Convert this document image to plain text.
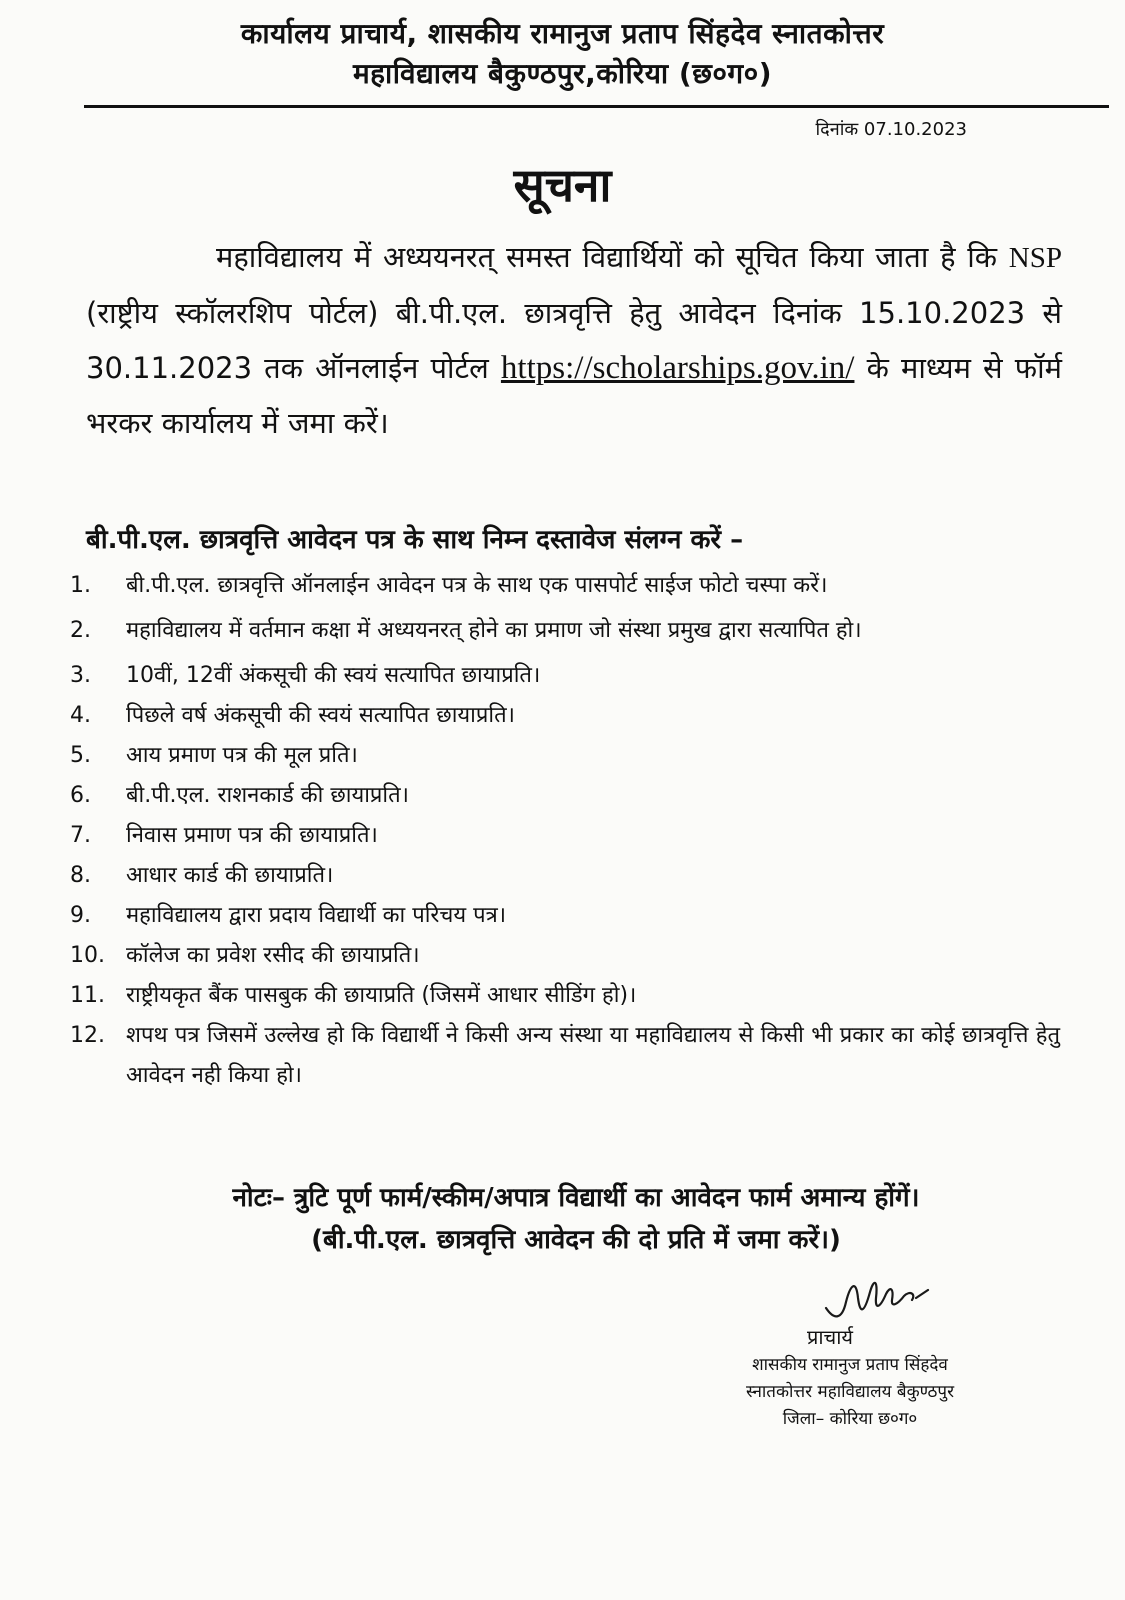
कार्यालय प्राचार्य, शासकीय रामानुज प्रताप सिंहदेव स्नातकोत्तर
महाविद्यालय बैकुण्ठपुर,कोरिया (छ०ग०)
दिनांक 07.10.2023
सूचना
महाविद्यालय में अध्ययनरत् समस्त विद्यार्थियों को सूचित किया जाता है कि NSP (राष्ट्रीय स्कॉलरशिप पोर्टल) बी.पी.एल. छात्रवृत्ति हेतु आवेदन दिनांक 15.10.2023 से 30.11.2023 तक ऑनलाईन पोर्टल https://scholarships.gov.in/ के माध्यम से फॉर्म भरकर कार्यालय में जमा करें।
बी.पी.एल. छात्रवृत्ति आवेदन पत्र के साथ निम्न दस्तावेज संलग्न करें –
1.	बी.पी.एल. छात्रवृत्ति ऑनलाईन आवेदन पत्र के साथ एक पासपोर्ट साईज फोटो चस्पा करें।
2.	महाविद्यालय में वर्तमान कक्षा में अध्ययनरत् होने का प्रमाण जो संस्था प्रमुख द्वारा सत्यापित हो।
3.	10वीं, 12वीं अंकसूची की स्वयं सत्यापित छायाप्रति।
4.	पिछले वर्ष अंकसूची की स्वयं सत्यापित छायाप्रति।
5.	आय प्रमाण पत्र की मूल प्रति।
6.	बी.पी.एल. राशनकार्ड की छायाप्रति।
7.	निवास प्रमाण पत्र की छायाप्रति।
8.	आधार कार्ड की छायाप्रति।
9.	महाविद्यालय द्वारा प्रदाय विद्यार्थी का परिचय पत्र।
10. कॉलेज का प्रवेश रसीद की छायाप्रति।
11. राष्ट्रीयकृत बैंक पासबुक की छायाप्रति (जिसमें आधार सीडिंग हो)।
12. शपथ पत्र जिसमें उल्लेख हो कि विद्यार्थी ने किसी अन्य संस्था या महाविद्यालय से किसी भी प्रकार का कोई छात्रवृत्ति हेतु आवेदन नही किया हो।
नोटः– त्रुटि पूर्ण फार्म/स्कीम/अपात्र विद्यार्थी का आवेदन फार्म अमान्य होंगें।
(बी.पी.एल. छात्रवृत्ति आवेदन की दो प्रति में जमा करें।)
प्राचार्य
शासकीय रामानुज प्रताप सिंहदेव
स्नातकोत्तर महाविद्यालय बैकुण्ठपुर
जिला– कोरिया छ०ग०
